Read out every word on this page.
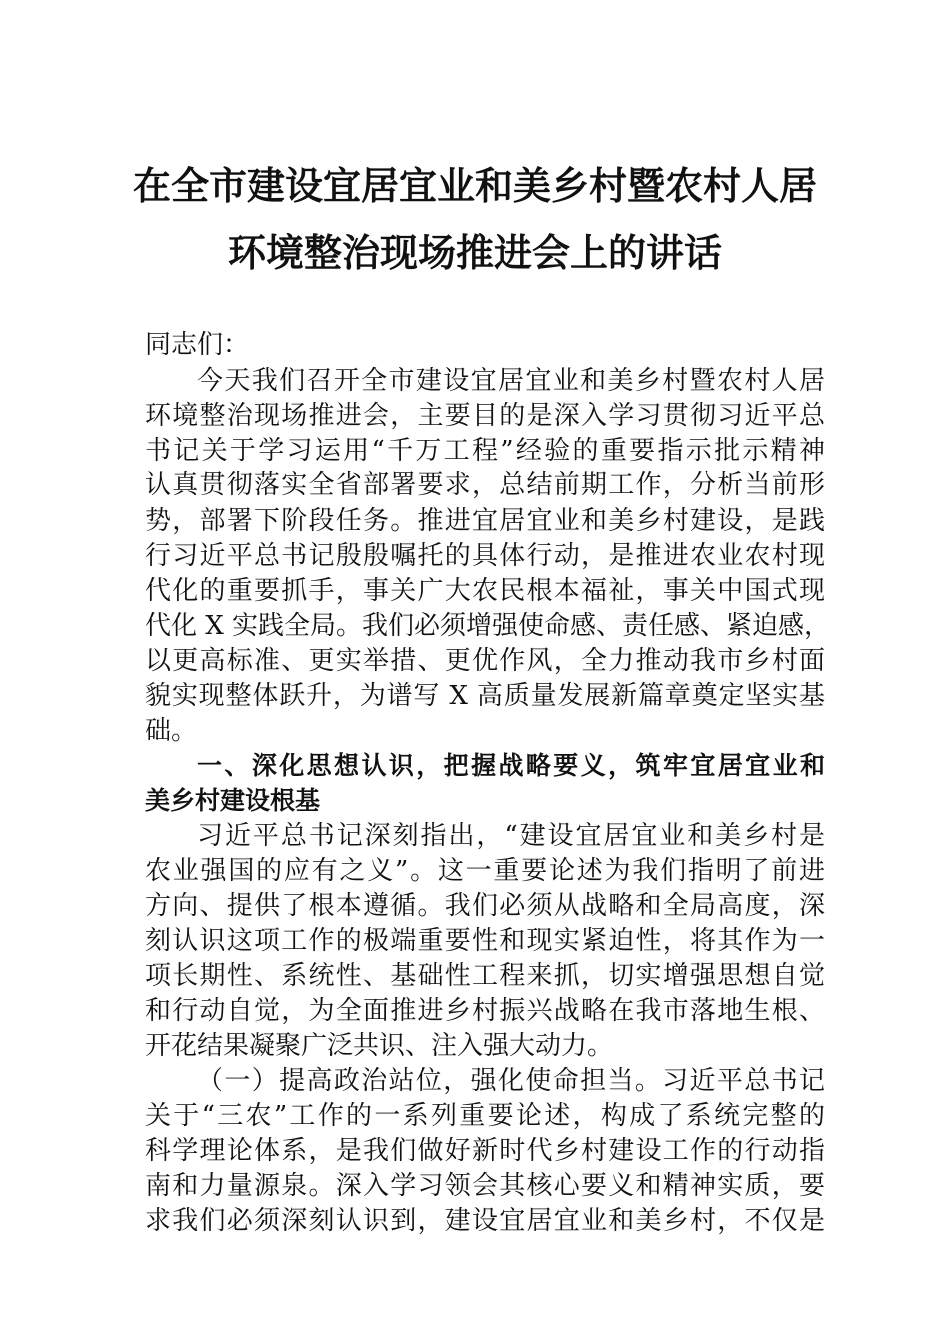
在全市建设宜居宜业和美乡村暨农村人居
环境整治现场推进会上的讲话
同志们：
今天我们召开全市建设宜居宜业和美乡村暨农村人居
环境整治现场推进会，主要目的是深入学习贯彻习近平总
书记关于学习运用“千万工程”经验的重要指示批示精神
认真贯彻落实全省部署要求，总结前期工作，分析当前形
势，部署下阶段任务。推进宜居宜业和美乡村建设，是践
行习近平总书记殷殷嘱托的具体行动，是推进农业农村现
代化的重要抓手，事关广大农民根本福祉，事关中国式现
代化 X 实践全局。我们必须增强使命感、责任感、紧迫感，
以更高标准、更实举措、更优作风，全力推动我市乡村面
貌实现整体跃升，为谱写 X 高质量发展新篇章奠定坚实基
础。
一、深化思想认识，把握战略要义，筑牢宜居宜业和
美乡村建设根基
习近平总书记深刻指出，“建设宜居宜业和美乡村是
农业强国的应有之义”。这一重要论述为我们指明了前进
方向、提供了根本遵循。我们必须从战略和全局高度，深
刻认识这项工作的极端重要性和现实紧迫性，将其作为一
项长期性、系统性、基础性工程来抓，切实增强思想自觉
和行动自觉，为全面推进乡村振兴战略在我市落地生根、
开花结果凝聚广泛共识、注入强大动力。
（一）提高政治站位，强化使命担当。习近平总书记
关于“三农”工作的一系列重要论述，构成了系统完整的
科学理论体系，是我们做好新时代乡村建设工作的行动指
南和力量源泉。深入学习领会其核心要义和精神实质，要
求我们必须深刻认识到，建设宜居宜业和美乡村，不仅是
